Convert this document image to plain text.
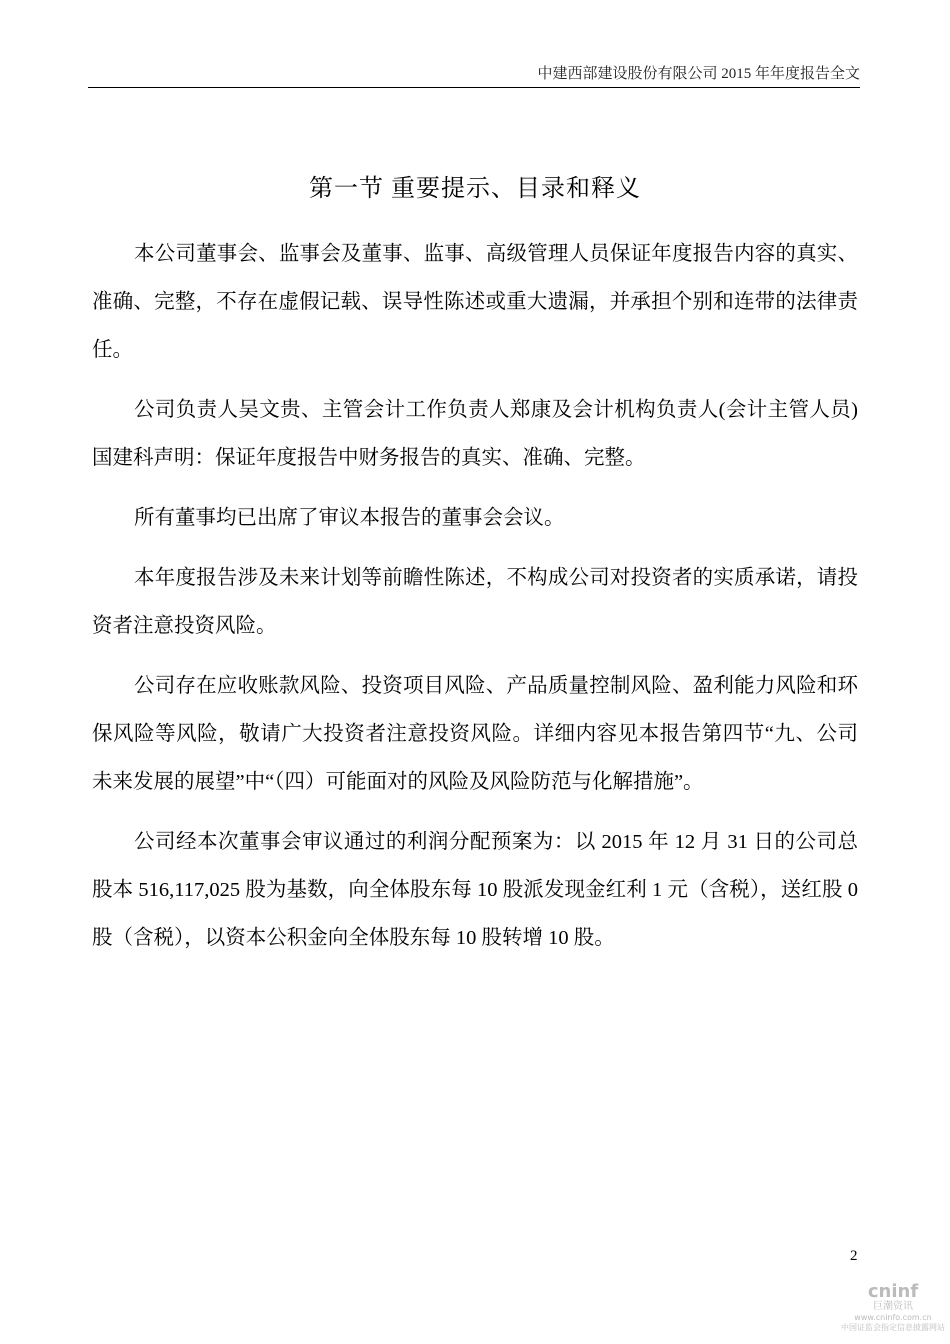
中建西部建设股份有限公司 2015 年年度报告全文
第一节 重要提示、目录和释义

本公司董事会、监事会及董事、监事、高级管理人员保证年度报告内容的真实、准确、完整，不存在虚假记载、误导性陈述或重大遗漏，并承担个别和连带的法律责任。

公司负责人吴文贵、主管会计工作负责人郑康及会计机构负责人(会计主管人员)国建科声明：保证年度报告中财务报告的真实、准确、完整。

所有董事均已出席了审议本报告的董事会会议。

本年度报告涉及未来计划等前瞻性陈述，不构成公司对投资者的实质承诺，请投资者注意投资风险。

公司存在应收账款风险、投资项目风险、产品质量控制风险、盈利能力风险和环保风险等风险，敬请广大投资者注意投资风险。详细内容见本报告第四节“九、公司未来发展的展望”中“（四）可能面对的风险及风险防范与化解措施”。

公司经本次董事会审议通过的利润分配预案为：以 2015 年 12 月 31 日的公司总股本 516,117,025 股为基数，向全体股东每 10 股派发现金红利 1 元（含税），送红股 0 股（含税），以资本公积金向全体股东每 10 股转增 10 股。

2
cninf
巨潮资讯
www.cninfo.com.cn
中国证监会指定信息披露网站
